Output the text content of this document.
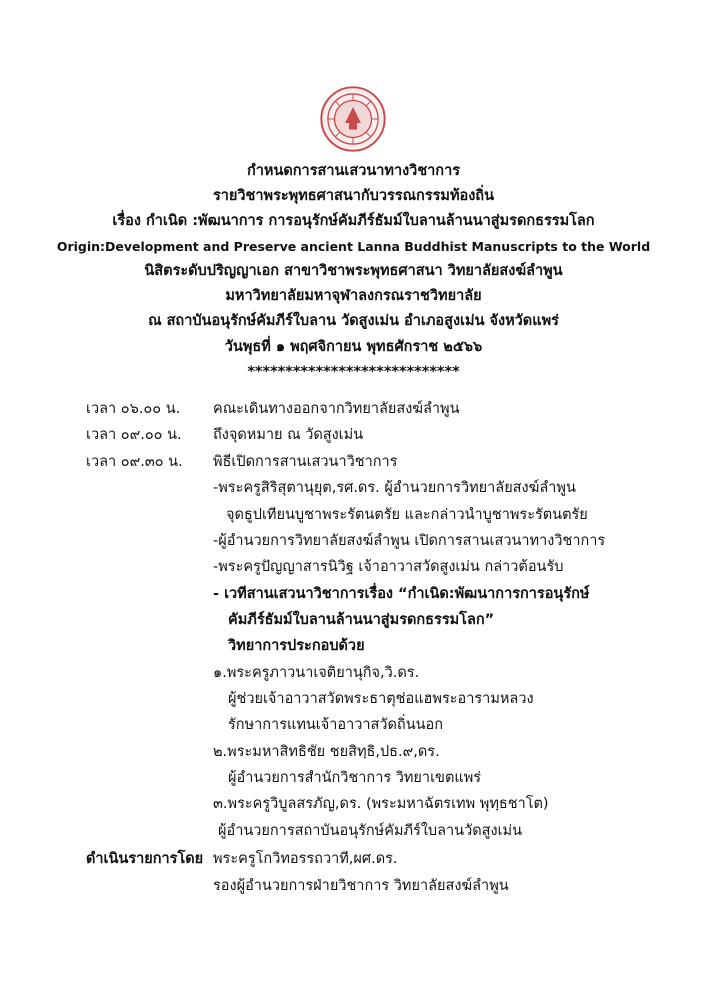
กำหนดการสานเสวนาทางวิชาการ
รายวิชาพระพุทธศาสนากับวรรณกรรมท้องถิ่น
เรื่อง กำเนิด :พัฒนาการ การอนุรักษ์คัมภีร์ธัมม์ใบลานล้านนาสู่มรดกธรรมโลก
Origin:Development and Preserve ancient Lanna Buddhist Manuscripts to the World
นิสิตระดับปริญญาเอก สาขาวิชาพระพุทธศาสนา วิทยาลัยสงฆ์ลำพูน
มหาวิทยาลัยมหาจุฬาลงกรณราชวิทยาลัย
ณ สถาบันอนุรักษ์คัมภีร์ใบลาน วัดสูงเม่น อำเภอสูงเม่น จังหวัดแพร่
วันพุธที่ ๑ พฤศจิกายน พุทธศักราช ๒๕๖๖
****************************
เวลา ๐๖.๐๐ น. คณะเดินทางออกจากวิทยาลัยสงฆ์ลำพูน
เวลา ๐๙.๐๐ น. ถึงจุดหมาย ณ วัดสูงเม่น
เวลา ๐๙.๓๐ น. พิธีเปิดการสานเสวนาวิชาการ
-พระครูสิริสุตานุยุต,รศ.ดร. ผู้อำนวยการวิทยาลัยสงฆ์ลำพูน
จุดธูปเทียนบูชาพระรัตนตรัย และกล่าวนำบูชาพระรัตนตรัย
-ผู้อำนวยการวิทยาลัยสงฆ์ลำพูน เปิดการสานเสวนาทางวิชาการ
-พระครูปัญญาสารนิวิฐ เจ้าอาวาสวัดสูงเม่น กล่าวต้อนรับ
- เวทีสานเสวนาวิชาการเรื่อง “กำเนิด:พัฒนาการการอนุรักษ์
คัมภีร์ธัมม์ใบลานล้านนาสู่มรดกธรรมโลก”
วิทยาการประกอบด้วย
๑.พระครูภาวนาเจติยานุกิจ,วิ.ดร.
ผู้ช่วยเจ้าอาวาสวัดพระธาตุช่อแฮพระอารามหลวง
รักษาการแทนเจ้าอาวาสวัดถิ่นนอก
๒.พระมหาสิทธิชัย ชยสิทฺธิ,ปธ.๙,ดร.
ผู้อำนวยการสำนักวิชาการ วิทยาเขตแพร่
๓.พระครูวิบูลสรภัญ,ดร. (พระมหาฉัตรเทพ พุทฺธชาโต)
ผู้อำนวยการสถาบันอนุรักษ์คัมภีร์ใบลานวัดสูงเม่น
ดำเนินรายการโดย พระครูโกวิทอรรถวาที,ผศ.ดร.
รองผู้อำนวยการฝ่ายวิชาการ วิทยาลัยสงฆ์ลำพูน
